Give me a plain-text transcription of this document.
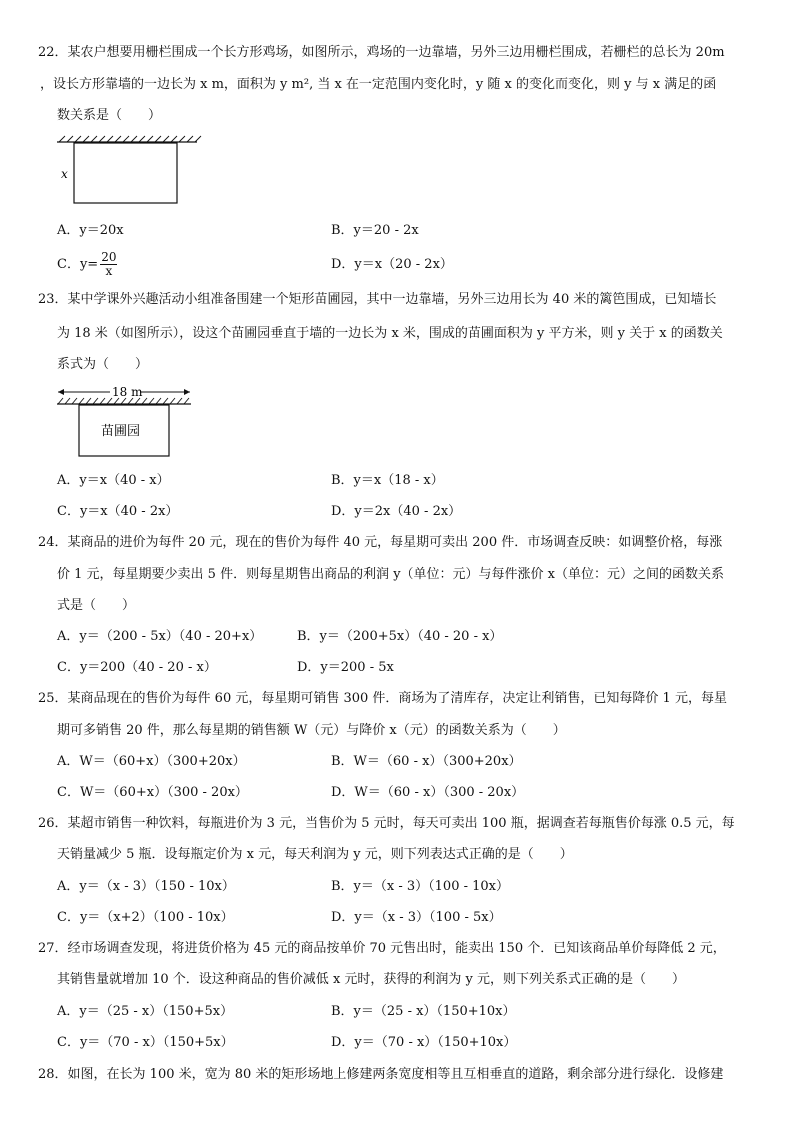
22．某农户想要用栅栏围成一个长方形鸡场，如图所示，鸡场的一边靠墙，另外三边用栅栏围成，若栅栏的总长为 20m
，设长方形靠墙的一边长为 x m，面积为 y m², 当 x 在一定范围内变化时，y 随 x 的变化而变化，则 y 与 x 满足的函
数关系是（　　）
x
A．y＝20x	B．y＝20 - 2x
C．$y= \frac{20}{x}$	D．y＝x（20 - 2x）
23．某中学课外兴趣活动小组准备围建一个矩形苗圃园，其中一边靠墙，另外三边用长为 40 米的篱笆围成，已知墙长
为 18 米（如图所示），设这个苗圃园垂直于墙的一边长为 x 米，围成的苗圃面积为 y 平方米，则 y 关于 x 的函数关
系式为（　　）
18 m
苗圃园
A．y＝x（40 - x）	B．y＝x（18 - x）
C．y＝x（40 - 2x）	D．y＝2x（40 - 2x）
24．某商品的进价为每件 20 元，现在的售价为每件 40 元，每星期可卖出 200 件．市场调查反映：如调整价格，每涨
价 1 元，每星期要少卖出 5 件．则每星期售出商品的利润 y（单位：元）与每件涨价 x（单位：元）之间的函数关系
式是（　　）
A．y＝（200 - 5x）（40 - 20+x）	B．y＝（200+5x）（40 - 20 - x）
C．y＝200（40 - 20 - x）	D．y＝200 - 5x
25．某商品现在的售价为每件 60 元，每星期可销售 300 件．商场为了清库存，决定让利销售，已知每降价 1 元，每星
期可多销售 20 件，那么每星期的销售额 W（元）与降价 x（元）的函数关系为（　　）
A．W＝（60+x）（300+20x）	B．W＝（60 - x）（300+20x）
C．W＝（60+x）（300 - 20x）	D．W＝（60 - x）（300 - 20x）
26．某超市销售一种饮料，每瓶进价为 3 元，当售价为 5 元时，每天可卖出 100 瓶，据调查若每瓶售价每涨 0.5 元，每
天销量减少 5 瓶．设每瓶定价为 x 元，每天利润为 y 元，则下列表达式正确的是（　　）
A．y＝（x - 3）（150 - 10x）	B．y＝（x - 3）（100 - 10x）
C．y＝（x+2）（100 - 10x）	D．y＝（x - 3）（100 - 5x）
27．经市场调查发现，将进货价格为 45 元的商品按单价 70 元售出时，能卖出 150 个．已知该商品单价每降低 2 元，
其销售量就增加 10 个．设这种商品的售价减低 x 元时，获得的利润为 y 元，则下列关系式正确的是（　　）
A．y＝（25 - x）（150+5x）	B．y＝（25 - x）（150+10x）
C．y＝（70 - x）（150+5x）	D．y＝（70 - x）（150+10x）
28．如图，在长为 100 米，宽为 80 米的矩形场地上修建两条宽度相等且互相垂直的道路，剩余部分进行绿化．设修建
